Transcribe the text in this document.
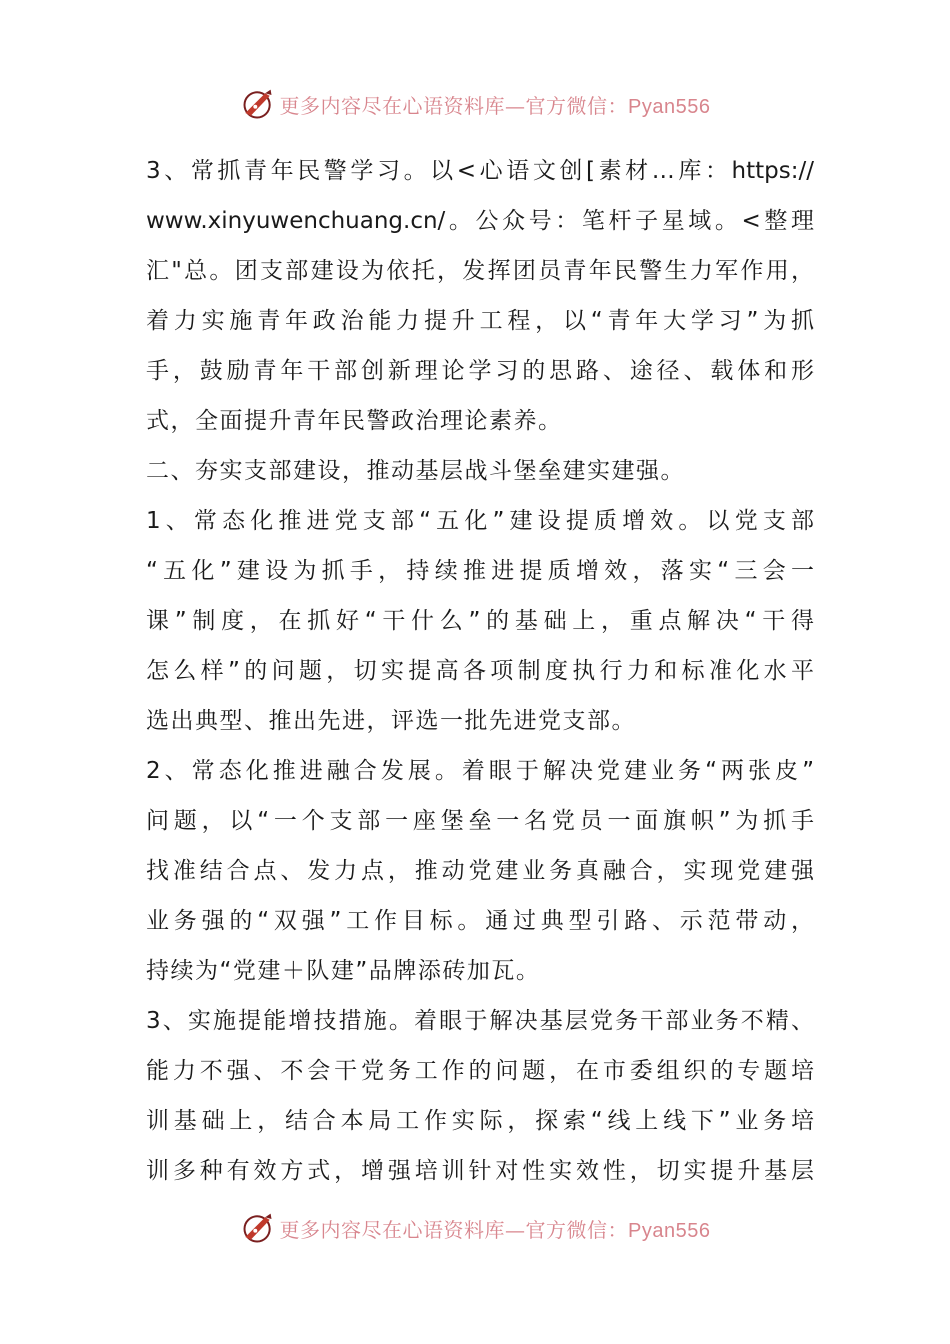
更多内容尽在心语资料库—官方微信：Pyan556
3、常抓青年民警学习。以<心语文创[素材…库：https://
www.xinyuwenchuang.cn/。公众号：笔杆子星域。<整理
汇"总。团支部建设为依托，发挥团员青年民警生力军作用，
着力实施青年政治能力提升工程，以“青年大学习”为抓
手，鼓励青年干部创新理论学习的思路、途径、载体和形
式，全面提升青年民警政治理论素养。
二、夯实支部建设，推动基层战斗堡垒建实建强。
1、常态化推进党支部“五化”建设提质增效。以党支部
“五化”建设为抓手，持续推进提质增效，落实“三会一
课”制度，在抓好“干什么”的基础上，重点解决“干得
怎么样”的问题，切实提高各项制度执行力和标准化水平
选出典型、推出先进，评选一批先进党支部。
2、常态化推进融合发展。着眼于解决党建业务“两张皮”
问题，以“一个支部一座堡垒一名党员一面旗帜”为抓手
找准结合点、发力点，推动党建业务真融合，实现党建强
业务强的“双强”工作目标。通过典型引路、示范带动，
持续为“党建＋队建”品牌添砖加瓦。
3、实施提能增技措施。着眼于解决基层党务干部业务不精、
能力不强、不会干党务工作的问题，在市委组织的专题培
训基础上，结合本局工作实际，探索“线上线下”业务培
训多种有效方式，增强培训针对性实效性，切实提升基层
更多内容尽在心语资料库—官方微信：Pyan556
